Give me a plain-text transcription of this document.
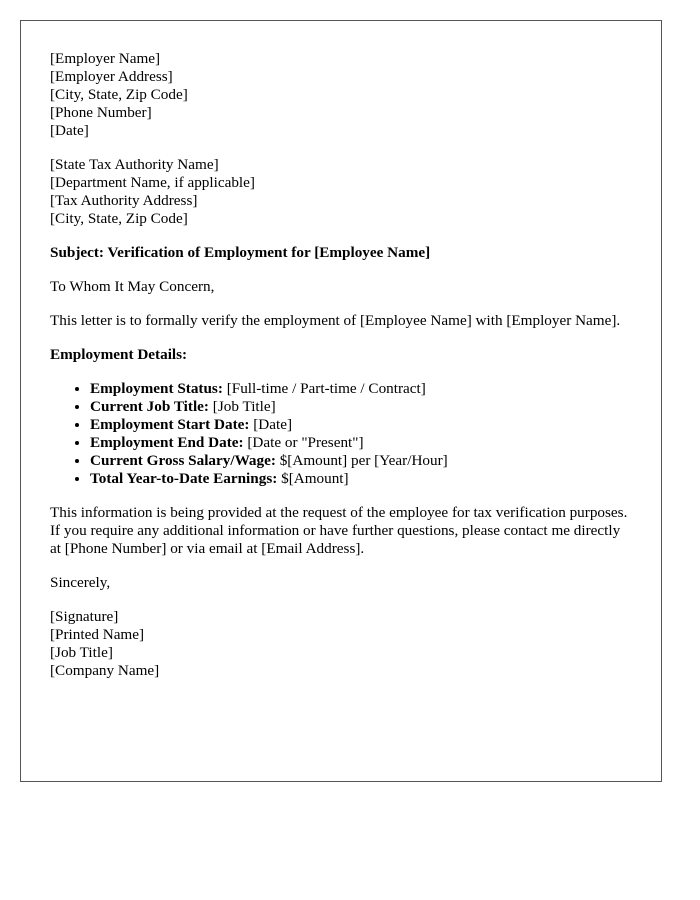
[Employer Name]
[Employer Address]
[City, State, Zip Code]
[Phone Number]
[Date]
[State Tax Authority Name]
[Department Name, if applicable]
[Tax Authority Address]
[City, State, Zip Code]

Subject: Verification of Employment for [Employee Name]

To Whom It May Concern,

This letter is to formally verify the employment of [Employee Name] with [Employer Name].

Employment Details:

• Employment Status: [Full-time / Part-time / Contract]
• Current Job Title: [Job Title]
• Employment Start Date: [Date]
• Employment End Date: [Date or "Present"]
• Current Gross Salary/Wage: $[Amount] per [Year/Hour]
• Total Year-to-Date Earnings: $[Amount]

This information is being provided at the request of the employee for tax verification purposes. If you require any additional information or have further questions, please contact me directly at [Phone Number] or via email at [Email Address].

Sincerely,

[Signature]
[Printed Name]
[Job Title]
[Company Name]
